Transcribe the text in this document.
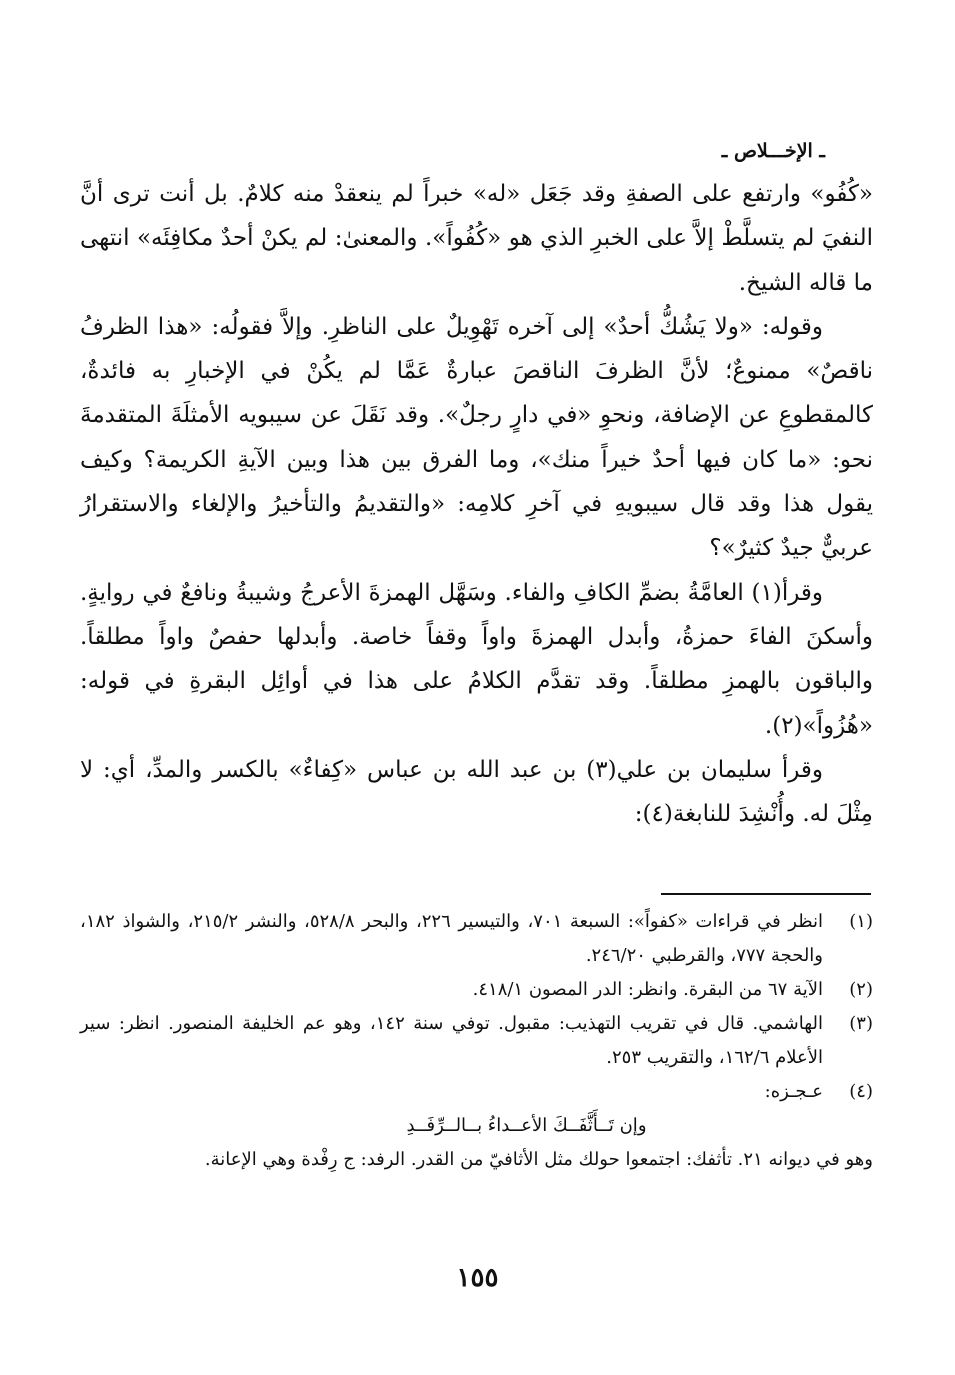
ـ الإخـــلاص ـ

«كُفُو» وارتفع على الصفةِ وقد جَعَل «له» خبراً لم ينعقدْ منه كلامٌ. بل أنت ترى أنَّ النفيَ لم يتسلَّطْ إلاَّ على الخبرِ الذي هو «كُفُواً». والمعنىٰ: لم يكنْ أحدٌ مكافِئَه» انتهى ما قاله الشيخ.

وقوله: «ولا يَشُكُّ أحدٌ» إلى آخره تَهْوِيلٌ على الناظرِ. وإلاَّ فقولُه: «هذا الظرفُ ناقصٌ» ممنوعٌ؛ لأنَّ الظرفَ الناقصَ عبارةٌ عَمَّا لم يكُنْ في الإخبارِ به فائدةٌ، كالمقطوعِ عن الإضافة، ونحوِ «في دارٍ رجلٌ». وقد نَقَلَ عن سيبويه الأمثلَةَ المتقدمةَ نحو: «ما كان فيها أحدٌ خيراً منك»، وما الفرق بين هذا وبين الآيةِ الكريمة؟ وكيف يقول هذا وقد قال سيبويهِ في آخرِ كلامِه: «والتقديمُ والتأخيرُ والإلغاء والاستقرارُ عربيٌّ جيدٌ كثيرٌ»؟

وقرأ(١) العامَّةُ بضمِّ الكافِ والفاء. وسَهَّل الهمزةَ الأعرجُ وشيبةُ ونافعٌ في روايةٍ. وأسكنَ الفاءَ حمزةُ، وأبدل الهمزةَ واواً وقفاً خاصة. وأبدلها حفصٌ واواً مطلقاً. والباقون بالهمزِ مطلقاً. وقد تقدَّم الكلامُ على هذا في أوائِل البقرةِ في قوله: «هُزُواً»(٢).

وقرأ سليمان بن علي(٣) بن عبد الله بن عباس «كِفاءٌ» بالكسر والمدِّ، أي: لا مِثْلَ له. وأُنْشِدَ للنابغة(٤):

(١)
انظر في قراءات «كفواً»: السبعة ٧٠١، والتيسير ٢٢٦، والبحر ٥٢٨/٨، والنشر ٢١٥/٢، والشواذ ١٨٢، والحجة ٧٧٧، والقرطبي ٢٤٦/٢٠.
(٢)
الآية ٦٧ من البقرة. وانظر: الدر المصون ٤١٨/١.
(٣)
الهاشمي. قال في تقريب التهذيب: مقبول. توفي سنة ١٤٢، وهو عم الخليفة المنصور. انظر: سير الأعلام ١٦٢/٦، والتقريب ٢٥٣.
(٤)
عـجـزه:
وإن تَــأَثَّفَــكَ الأعــداءُ بــالــرِّفَــدِ
وهو في ديوانه ٢١. تأثفك: اجتمعوا حولك مثل الأثافيّ من القدر. الرفد: ج رِفْدة وهي الإعانة.
١٥٥
